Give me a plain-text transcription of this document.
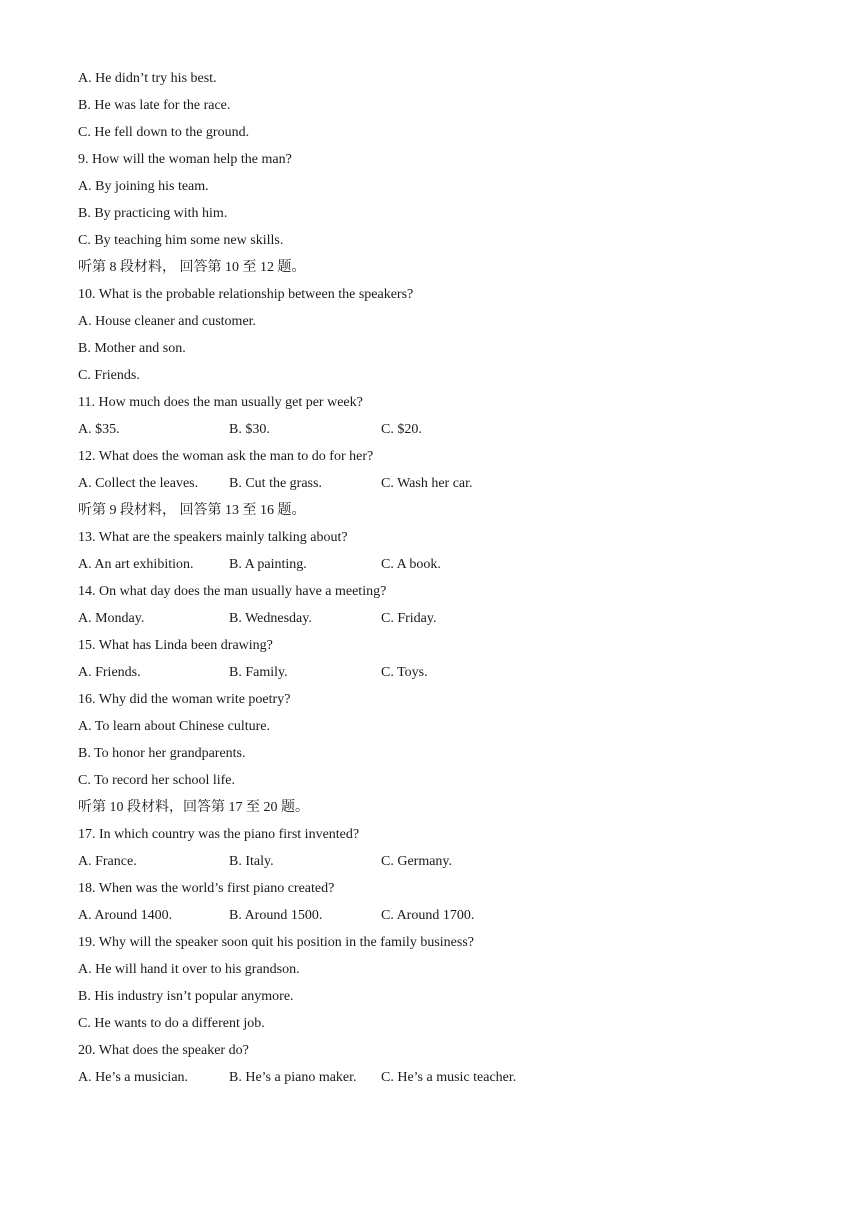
A. He didn’t try his best.
B. He was late for the race.
C. He fell down to the ground.
9. How will the woman help the man?
A. By joining his team.
B. By practicing with him.
C. By teaching him some new skills.
听第 8 段材料， 回答第 10 至 12 题。
10. What is the probable relationship between the speakers?
A. House cleaner and customer.
B. Mother and son.
C. Friends.
11. How much does the man usually get per week?
A. $35.	B. $30.	C. $20.
12. What does the woman ask the man to do for her?
A. Collect the leaves. B. Cut the grass.	C. Wash her car.
听第 9 段材料， 回答第 13 至 16 题。
13. What are the speakers mainly talking about?
A. An art exhibition.	B. A painting.	C. A book.
14. On what day does the man usually have a meeting?
A. Monday.	B. Wednesday.	C. Friday.
15. What has Linda been drawing?
A. Friends.	B. Family.	C. Toys.
16. Why did the woman write poetry?
A. To learn about Chinese culture.
B. To honor her grandparents.
C. To record her school life.
听第 10 段材料，回答第 17 至 20 题。
17. In which country was the piano first invented?
A. France.	B. Italy.	C. Germany.
18. When was the world’s first piano created?
A. Around 1400.	B. Around 1500.	C. Around 1700.
19. Why will the speaker soon quit his position in the family business?
A. He will hand it over to his grandson.
B. His industry isn’t popular anymore.
C. He wants to do a different job.
20. What does the speaker do?
A. He’s a musician.	B. He’s a piano maker. C. He’s a music teacher.
